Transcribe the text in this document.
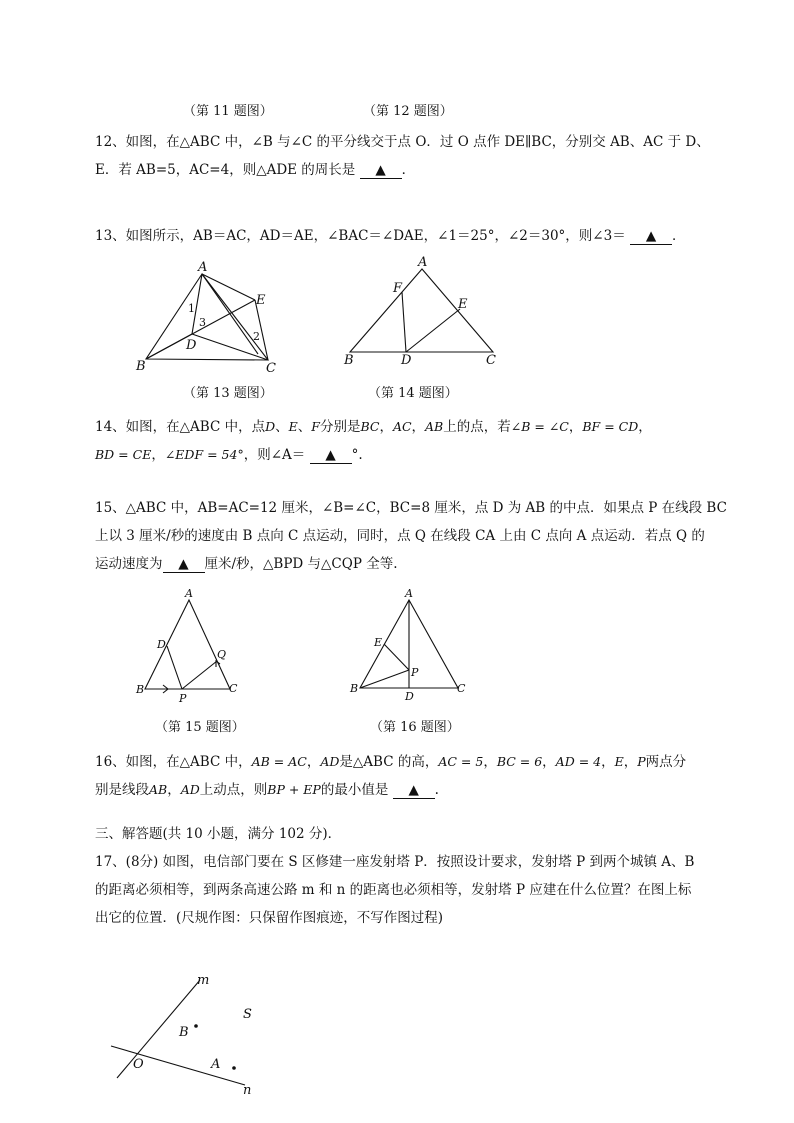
（第 11 题图）	（第 12 题图）
12、如图，在△ABC 中，∠B 与∠C 的平分线交于点 O．过 O 点作 DE∥BC，分别交 AB、AC 于 D、
E．若 AB=5，AC=4，则△ADE 的周长是 ▲ ．
13、如图所示，AB＝AC，AD＝AE，∠BAC＝∠DAE，∠1＝25°，∠2＝30°，则∠3＝ ▲ ．
A
B	C
D
E
1
3
2
A
B	C
D
E
F
（第 13 题图）	（第 14 题图）
14、如图，在△ABC 中，点D、E、F分别是BC，AC，AB上的点，若∠B = ∠C，BF = CD，
BD = CE，∠EDF = 54°，则∠A＝ ▲ °.
15、△ABC 中，AB=AC=12 厘米，∠B=∠C，BC=8 厘米，点 D 为 AB 的中点．如果点 P 在线段 BC
上以 3 厘米/秒的速度由 B 点向 C 点运动，同时，点 Q 在线段 CA 上由 C 点向 A 点运动．若点 Q 的
运动速度为 ▲ 厘米/秒，△BPD 与△CQP 全等.
A
B	C
D
P
Q
A
B	C
D
E
P
（第 15 题图）	（第 16 题图）
16、如图，在△ABC 中，AB = AC，AD是△ABC 的高，AC = 5，BC = 6，AD = 4，E，P两点分
别是线段AB，AD上动点，则BP + EP的最小值是 ▲ .
三、解答题(共 10 小题，满分 102 分)．
17、(8分) 如图，电信部门要在 S 区修建一座发射塔 P．按照设计要求，发射塔 P 到两个城镇 A、B
的距离必须相等，到两条高速公路 m 和 n 的距离也必须相等，发射塔 P 应建在什么位置？在图上标
出它的位置．(尺规作图：只保留作图痕迹，不写作图过程)
m
n
O
S
B
A
